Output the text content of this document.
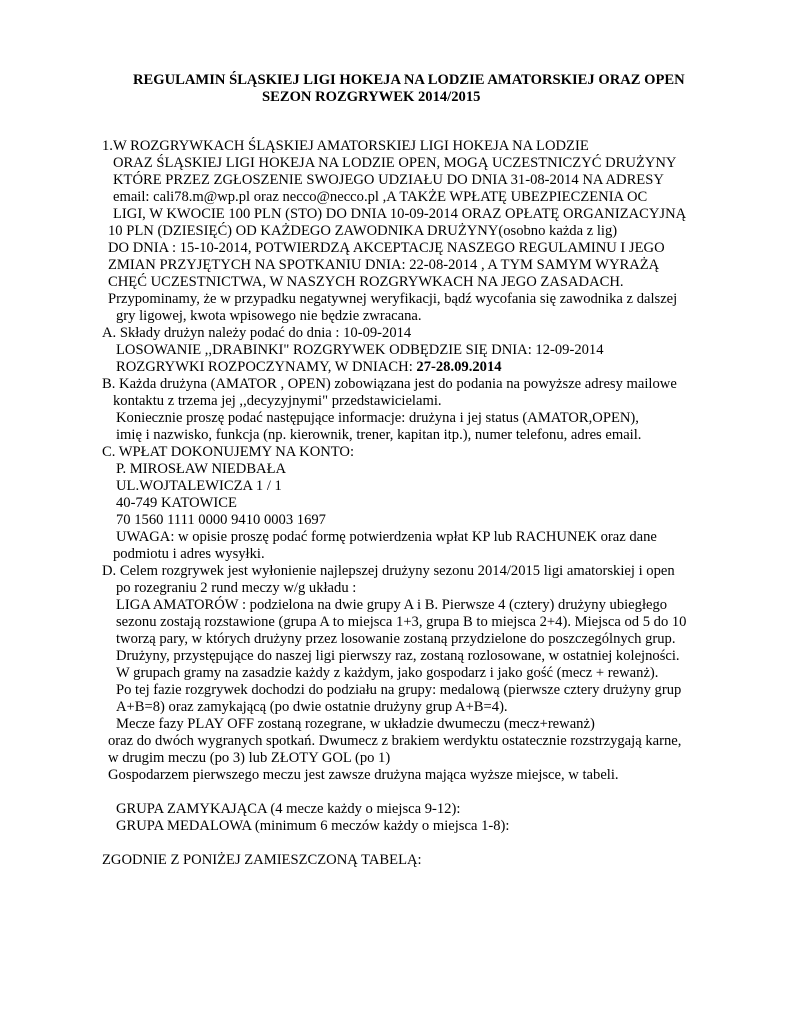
REGULAMIN ŚLĄSKIEJ LIGI HOKEJA NA LODZIE AMATORSKIEJ ORAZ OPEN
SEZON ROZGRYWEK 2014/2015
1.W ROZGRYWKACH ŚLĄSKIEJ AMATORSKIEJ LIGI HOKEJA NA LODZIE
ORAZ ŚLĄSKIEJ LIGI HOKEJA NA LODZIE OPEN, MOGĄ UCZESTNICZYĆ DRUŻYNY
KTÓRE PRZEZ ZGŁOSZENIE SWOJEGO UDZIAŁU DO DNIA 31-08-2014 NA ADRESY
email: cali78.m@wp.pl oraz necco@necco.pl ,A TAKŻE WPŁATĘ UBEZPIECZENIA OC
LIGI, W KWOCIE 100 PLN (STO) DO DNIA 10-09-2014 ORAZ OPŁATĘ ORGANIZACYJNĄ
10 PLN (DZIESIĘĆ) OD KAŻDEGO ZAWODNIKA DRUŻYNY(osobno każda z lig)
DO DNIA : 15-10-2014, POTWIERDZĄ AKCEPTACJĘ NASZEGO REGULAMINU I JEGO
ZMIAN PRZYJĘTYCH NA SPOTKANIU DNIA: 22-08-2014 , A TYM SAMYM WYRAŻĄ
CHĘĆ UCZESTNICTWA, W NASZYCH ROZGRYWKACH NA JEGO ZASADACH.
Przypominamy, że w przypadku negatywnej weryfikacji, bądź wycofania się zawodnika z dalszej
gry ligowej, kwota wpisowego nie będzie zwracana.
A. Składy drużyn należy podać do dnia : 10-09-2014
LOSOWANIE ,,DRABINKI" ROZGRYWEK ODBĘDZIE SIĘ DNIA: 12-09-2014
ROZGRYWKI ROZPOCZYNAMY, W DNIACH: 27-28.09.2014
B. Każda drużyna (AMATOR , OPEN) zobowiązana jest do podania na powyższe adresy mailowe
kontaktu z trzema jej ,,decyzyjnymi" przedstawicielami.
Koniecznie proszę podać następujące informacje: drużyna i jej status (AMATOR,OPEN),
imię i nazwisko, funkcja (np. kierownik, trener, kapitan itp.), numer telefonu, adres email.
C. WPŁAT DOKONUJEMY NA KONTO:
P. MIROSŁAW NIEDBAŁA
UL.WOJTALEWICZA 1 / 1
40-749 KATOWICE
70 1560 1111 0000 9410 0003 1697
UWAGA: w opisie proszę podać formę potwierdzenia wpłat KP lub RACHUNEK oraz dane
podmiotu i adres wysyłki.
D. Celem rozgrywek jest wyłonienie najlepszej drużyny sezonu 2014/2015 ligi amatorskiej i open
po rozegraniu 2 rund meczy w/g układu :
LIGA AMATORÓW : podzielona na dwie grupy A i B. Pierwsze 4 (cztery) drużyny ubiegłego
sezonu zostają rozstawione (grupa A to miejsca 1+3, grupa B to miejsca 2+4). Miejsca od 5 do 10
tworzą pary, w których drużyny przez losowanie zostaną przydzielone do poszczególnych grup.
Drużyny, przystępujące do naszej ligi pierwszy raz, zostaną rozlosowane, w ostatniej kolejności.
W grupach gramy na zasadzie każdy z każdym, jako gospodarz i jako gość (mecz + rewanż).
Po tej fazie rozgrywek dochodzi do podziału na grupy: medalową (pierwsze cztery drużyny grup
A+B=8) oraz zamykającą (po dwie ostatnie drużyny grup A+B=4).
Mecze fazy PLAY OFF zostaną rozegrane, w układzie dwumeczu (mecz+rewanż)
oraz do dwóch wygranych spotkań. Dwumecz z brakiem werdyktu ostatecznie rozstrzygają karne,
w drugim meczu (po 3) lub ZŁOTY GOL (po 1)
Gospodarzem pierwszego meczu jest zawsze drużyna mająca wyższe miejsce, w tabeli.
GRUPA ZAMYKAJĄCA (4 mecze każdy o miejsca 9-12):
GRUPA MEDALOWA (minimum 6 meczów każdy o miejsca 1-8):
ZGODNIE Z PONIŻEJ ZAMIESZCZONĄ TABELĄ:
